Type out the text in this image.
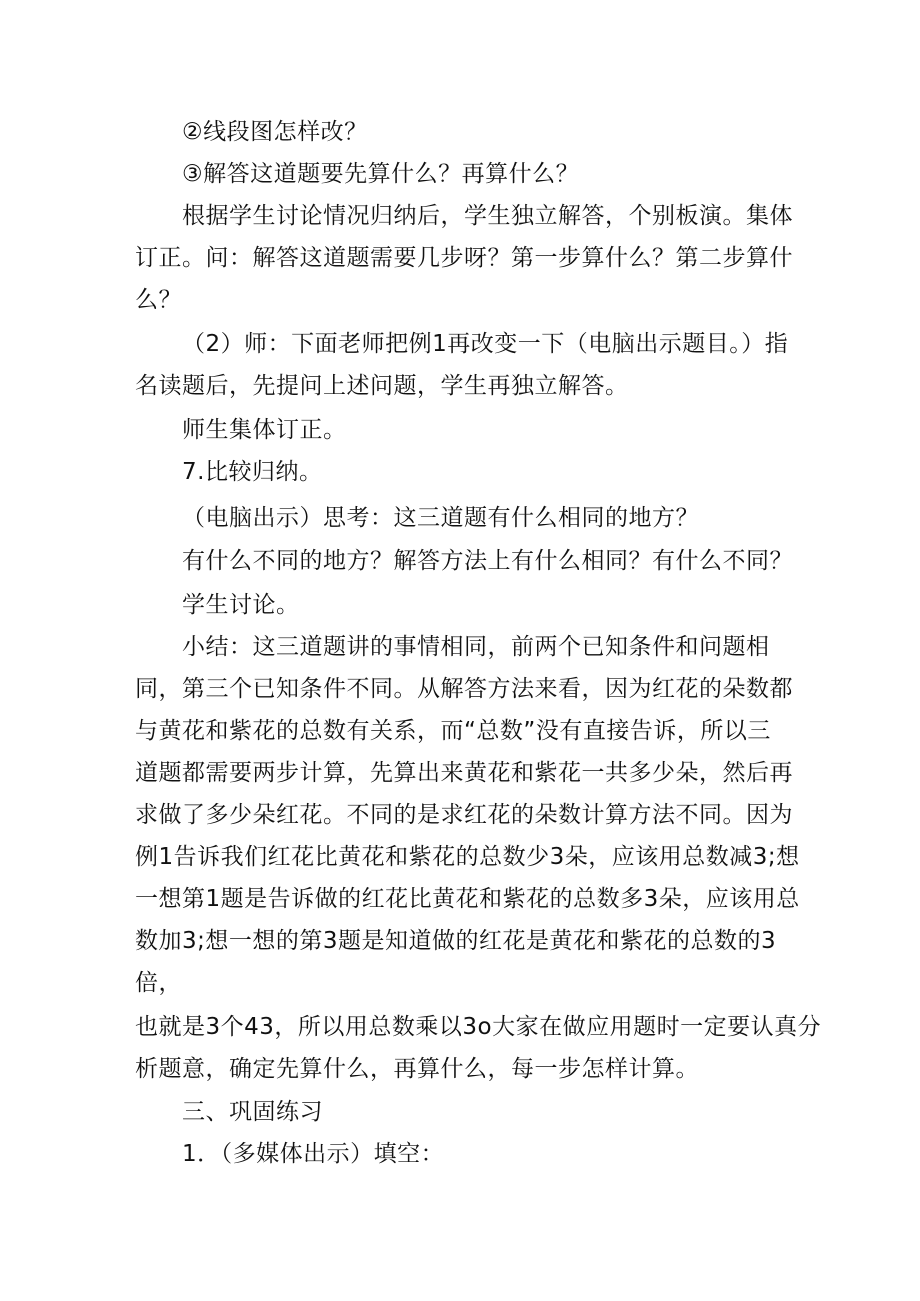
②线段图怎样改？
③解答这道题要先算什么？再算什么？
根据学生讨论情况归纳后，学生独立解答，个别板演。集体
订正。问：解答这道题需要几步呀？第一步算什么？第二步算什
么？
（2）师：下面老师把例1再改变一下（电脑出示题目。）指
名读题后，先提问上述问题，学生再独立解答。
师生集体订正。
7.比较归纳。
（电脑出示）思考：这三道题有什么相同的地方？
有什么不同的地方？解答方法上有什么相同？有什么不同？
学生讨论。
小结：这三道题讲的事情相同，前两个已知条件和问题相
同，第三个已知条件不同。从解答方法来看，因为红花的朵数都
与黄花和紫花的总数有关系，而“总数”没有直接告诉，所以三
道题都需要两步计算，先算出来黄花和紫花一共多少朵，然后再
求做了多少朵红花。不同的是求红花的朵数计算方法不同。因为
例1告诉我们红花比黄花和紫花的总数少3朵，应该用总数减3;想
一想第1题是告诉做的红花比黄花和紫花的总数多3朵，应该用总
数加3;想一想的第3题是知道做的红花是黄花和紫花的总数的3
倍，
也就是3个43，所以用总数乘以3o大家在做应用题时一定要认真分
析题意，确定先算什么，再算什么，每一步怎样计算。
三、巩固练习
1．（多媒体出示）填空：
